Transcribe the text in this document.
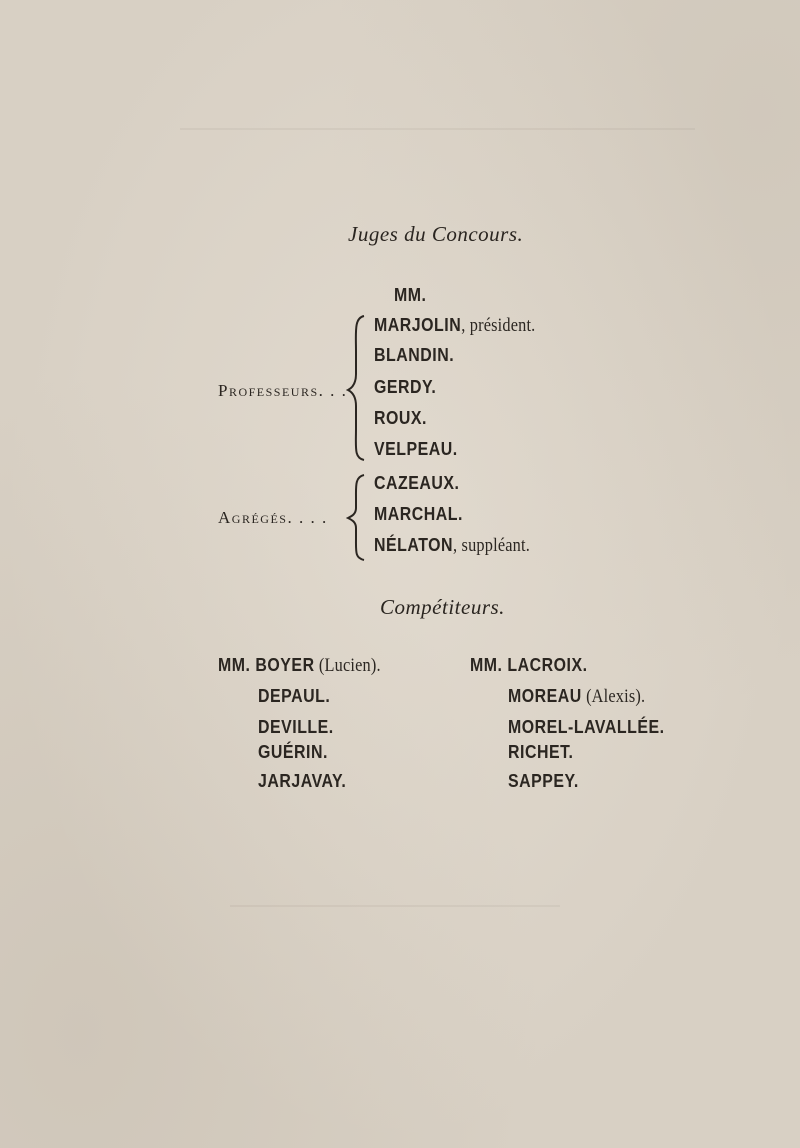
Juges du Concours.
MM.
Professeurs. . .
MARJOLIN, président.
BLANDIN.
GERDY.
ROUX.
VELPEAU.
Agrégés. . . .
CAZEAUX.
MARCHAL.
NÉLATON, suppléant.
Compétiteurs.
MM. BOYER (Lucien).
DEPAUL.
DEVILLE.
GUÉRIN.
JARJAVAY.
MM. LACROIX.
MOREAU (Alexis).
MOREL-LAVALLÉE.
RICHET.
SAPPEY.
